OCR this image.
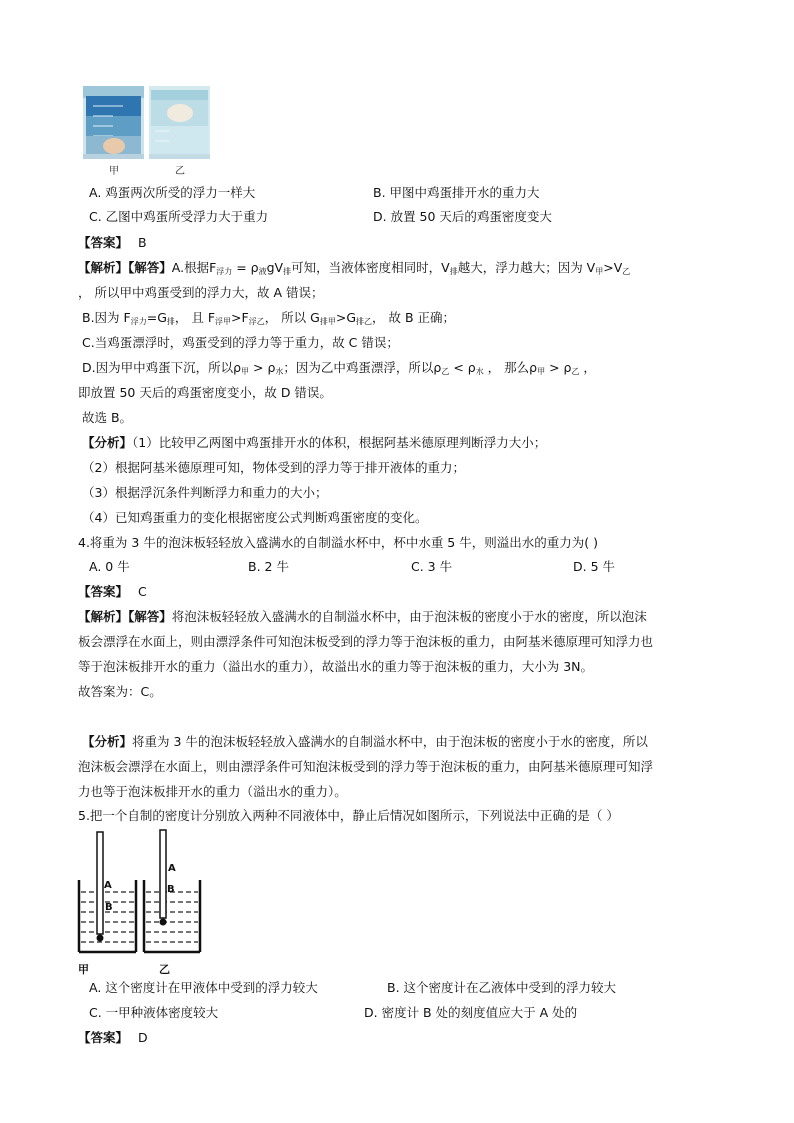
甲	乙
A. 鸡蛋两次所受的浮力一样大	B. 甲图中鸡蛋排开水的重力大
C. 乙图中鸡蛋所受浮力大于重力	D. 放置 50 天后的鸡蛋密度变大
【答案】 B
【解析】【解答】A.根据$F_{浮力} = \rho_液gV_排$可知，当液体密度相同时，$V_排$越大，浮力越大；因为 $V_甲>V_乙$
， 所以甲中鸡蛋受到的浮力大，故 A 错误；
B.因为 $F_{浮力}=G_排$， 且 $F_{浮甲}>F_{浮乙}$， 所以 $G_{排甲}>G_{排乙}$， 故 B 正确；
C.当鸡蛋漂浮时，鸡蛋受到的浮力等于重力，故 C 错误；
D.因为甲中鸡蛋下沉，所以$\rho_甲 > \rho_水$；因为乙中鸡蛋漂浮，所以$\rho_乙 < \rho_水$ ， 那么$\rho_甲 > \rho_乙$ ，
即放置 50 天后的鸡蛋密度变小，故 D 错误。
故选 B。
【分析】（1）比较甲乙两图中鸡蛋排开水的体积，根据阿基米德原理判断浮力大小；
（2）根据阿基米德原理可知，物体受到的浮力等于排开液体的重力；
（3）根据浮沉条件判断浮力和重力的大小；
（4）已知鸡蛋重力的变化根据密度公式判断鸡蛋密度的变化。
4.将重为 3 牛的泡沫板轻轻放入盛满水的自制溢水杯中，杯中水重 5 牛，则溢出水的重力为( )
A. 0 牛	B. 2 牛	C. 3 牛	D. 5 牛
【答案】 C
【解析】【解答】将泡沫板轻轻放入盛满水的自制溢水杯中，由于泡沫板的密度小于水的密度，所以泡沫
板会漂浮在水面上，则由漂浮条件可知泡沫板受到的浮力等于泡沫板的重力，由阿基米德原理可知浮力也
等于泡沫板排开水的重力（溢出水的重力），故溢出水的重力等于泡沫板的重力，大小为 3N。
故答案为：C。
【分析】将重为 3 牛的泡沫板轻轻放入盛满水的自制溢水杯中，由于泡沫板的密度小于水的密度，所以
泡沫板会漂浮在水面上，则由漂浮条件可知泡沫板受到的浮力等于泡沫板的重力，由阿基米德原理可知浮
力也等于泡沫板排开水的重力（溢出水的重力）。
5.把一个自制的密度计分别放入两种不同液体中，静止后情况如图所示，下列说法中正确的是（ ）
A
B
A
B
甲	乙
A. 这个密度计在甲液体中受到的浮力较大	B. 这个密度计在乙液体中受到的浮力较大
C. 一甲种液体密度较大	D. 密度计 B 处的刻度值应大于 A 处的
【答案】 D
